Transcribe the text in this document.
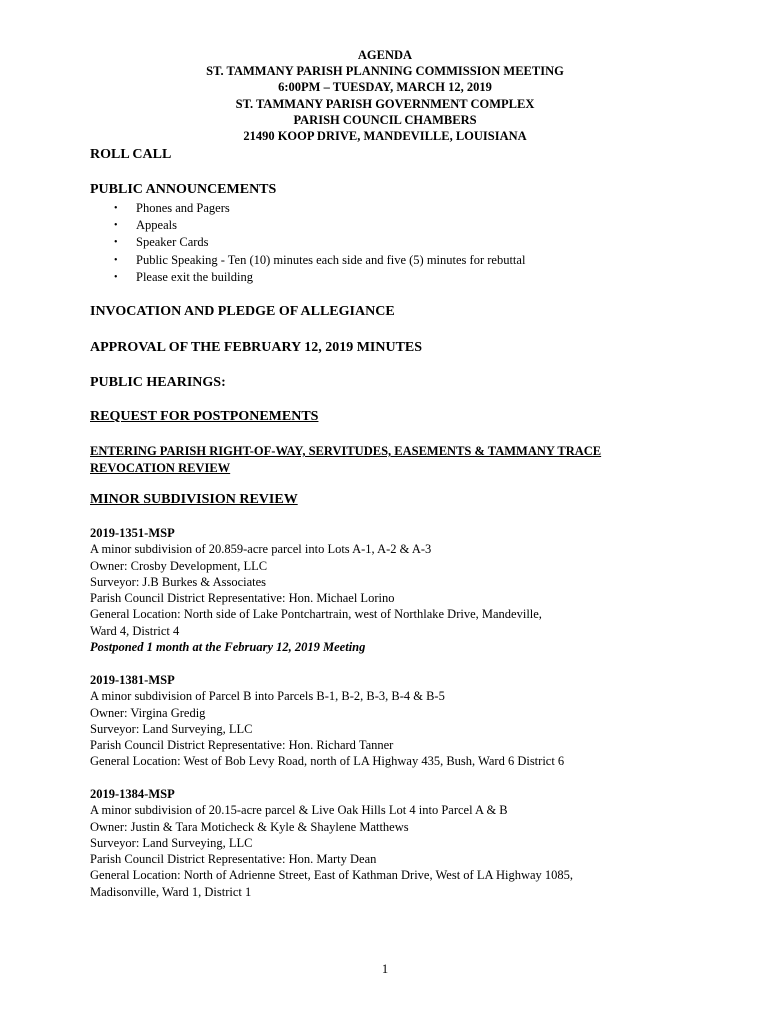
AGENDA
ST. TAMMANY PARISH PLANNING COMMISSION MEETING
6:00PM – TUESDAY, MARCH 12, 2019
ST. TAMMANY PARISH GOVERNMENT COMPLEX
PARISH COUNCIL CHAMBERS
21490 KOOP DRIVE, MANDEVILLE, LOUISIANA
ROLL CALL
PUBLIC ANNOUNCEMENTS
• Phones and Pagers
• Appeals
• Speaker Cards
• Public Speaking - Ten (10) minutes each side and five (5) minutes for rebuttal
• Please exit the building
INVOCATION AND PLEDGE OF ALLEGIANCE
APPROVAL OF THE FEBRUARY 12, 2019 MINUTES
PUBLIC HEARINGS:
REQUEST FOR POSTPONEMENTS
ENTERING PARISH RIGHT-OF-WAY, SERVITUDES, EASEMENTS & TAMMANY TRACE
REVOCATION REVIEW
MINOR SUBDIVISION REVIEW
2019-1351-MSP
A minor subdivision of 20.859-acre parcel into Lots A-1, A-2 & A-3
Owner: Crosby Development, LLC
Surveyor: J.B Burkes & Associates
Parish Council District Representative: Hon. Michael Lorino
General Location: North side of Lake Pontchartrain, west of Northlake Drive, Mandeville,
Ward 4, District 4
Postponed 1 month at the February 12, 2019 Meeting
2019-1381-MSP
A minor subdivision of Parcel B into Parcels B-1, B-2, B-3, B-4 & B-5
Owner: Virgina Gredig
Surveyor: Land Surveying, LLC
Parish Council District Representative: Hon. Richard Tanner
General Location: West of Bob Levy Road, north of LA Highway 435, Bush, Ward 6 District 6
2019-1384-MSP
A minor subdivision of 20.15-acre parcel & Live Oak Hills Lot 4 into Parcel A & B
Owner: Justin & Tara Moticheck & Kyle & Shaylene Matthews
Surveyor: Land Surveying, LLC
Parish Council District Representative: Hon. Marty Dean
General Location: North of Adrienne Street, East of Kathman Drive, West of LA Highway 1085,
Madisonville, Ward 1, District 1
1
